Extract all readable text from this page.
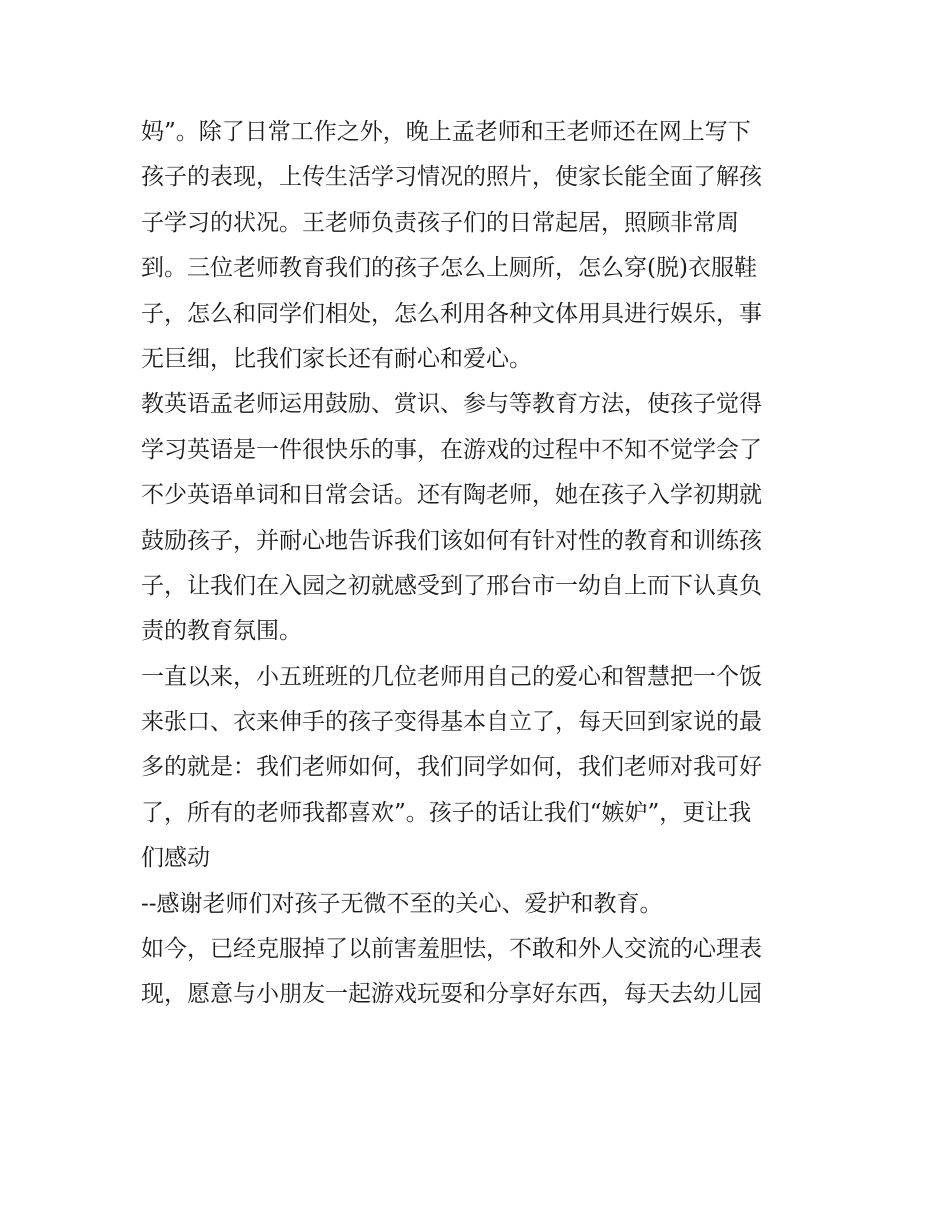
妈”。除了日常工作之外，晚上孟老师和王老师还在网上写下
孩子的表现，上传生活学习情况的照片，使家长能全面了解孩
子学习的状况。王老师负责孩子们的日常起居，照顾非常周
到。三位老师教育我们的孩子怎么上厕所，怎么穿(脱)衣服鞋
子，怎么和同学们相处，怎么利用各种文体用具进行娱乐，事
无巨细，比我们家长还有耐心和爱心。
教英语孟老师运用鼓励、赏识、参与等教育方法，使孩子觉得
学习英语是一件很快乐的事，在游戏的过程中不知不觉学会了
不少英语单词和日常会话。还有陶老师，她在孩子入学初期就
鼓励孩子，并耐心地告诉我们该如何有针对性的教育和训练孩
子，让我们在入园之初就感受到了邢台市一幼自上而下认真负
责的教育氛围。
一直以来，小五班班的几位老师用自己的爱心和智慧把一个饭
来张口、衣来伸手的孩子变得基本自立了，每天回到家说的最
多的就是：我们老师如何，我们同学如何，我们老师对我可好
了，所有的老师我都喜欢”。孩子的话让我们“嫉妒”，更让我
们感动
--感谢老师们对孩子无微不至的关心、爱护和教育。
如今，已经克服掉了以前害羞胆怯，不敢和外人交流的心理表
现，愿意与小朋友一起游戏玩耍和分享好东西，每天去幼儿园
